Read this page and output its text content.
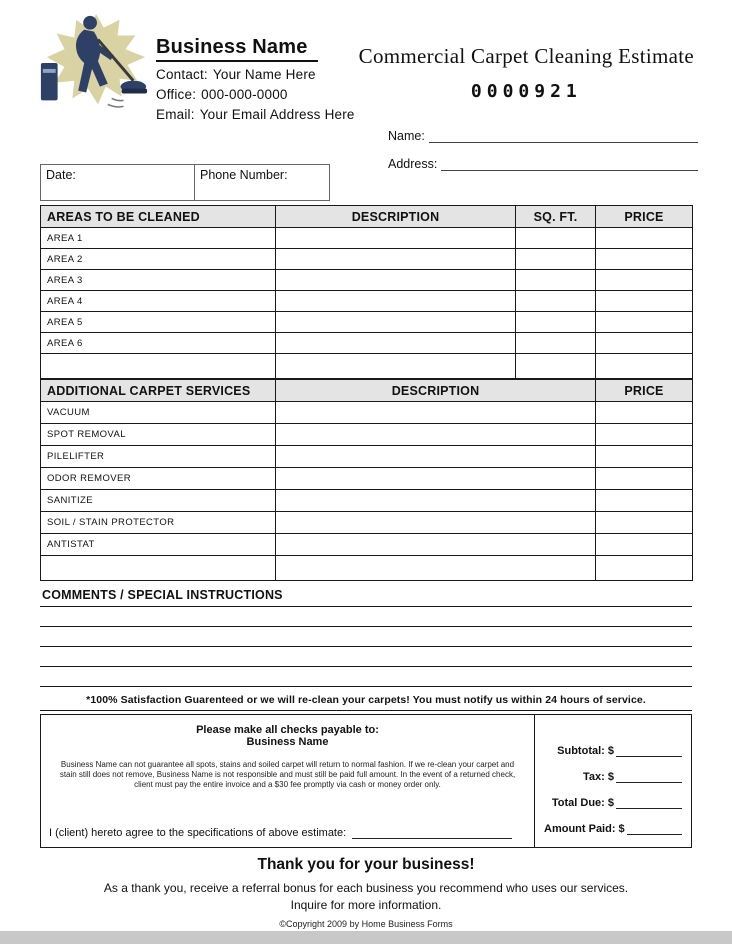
Business Name
Contact: Your Name Here
Office: 000-000-0000
Email: Your Email Address Here
Commercial Carpet Cleaning Estimate
0000921
Name:
Address:
Date:	Phone Number:
AREAS TO BE CLEANED	DESCRIPTION	SQ. FT.	PRICE
AREA 1			
AREA 2			
AREA 3			
AREA 4			
AREA 5			
AREA 6			

ADDITIONAL CARPET SERVICES	DESCRIPTION	PRICE
VACUUM		
SPOT REMOVAL		
PILELIFTER		
ODOR REMOVER		
SANITIZE		
SOIL / STAIN PROTECTOR		
ANTISTAT		

COMMENTS / SPECIAL INSTRUCTIONS
*100% Satisfaction Guarenteed or we will re-clean your carpets! You must notify us within 24 hours of service.
Please make all checks payable to:
Business Name
Business Name can not guarantee all spots, stains and soiled carpet will return to normal fashion. If we re-clean your carpet and stain still does not remove, Business Name is not responsible and must still be paid full amount. In the event of a returned check, client must pay the entire invoice and a $30 fee promptly via cash or money order only.
I (client) hereto agree to the specifications of above estimate:
Subtotal: $
Tax: $
Total Due: $
Amount Paid: $
Thank you for your business!
As a thank you, receive a referral bonus for each business you recommend who uses our services.
Inquire for more information.
©Copyright 2009 by Home Business Forms
